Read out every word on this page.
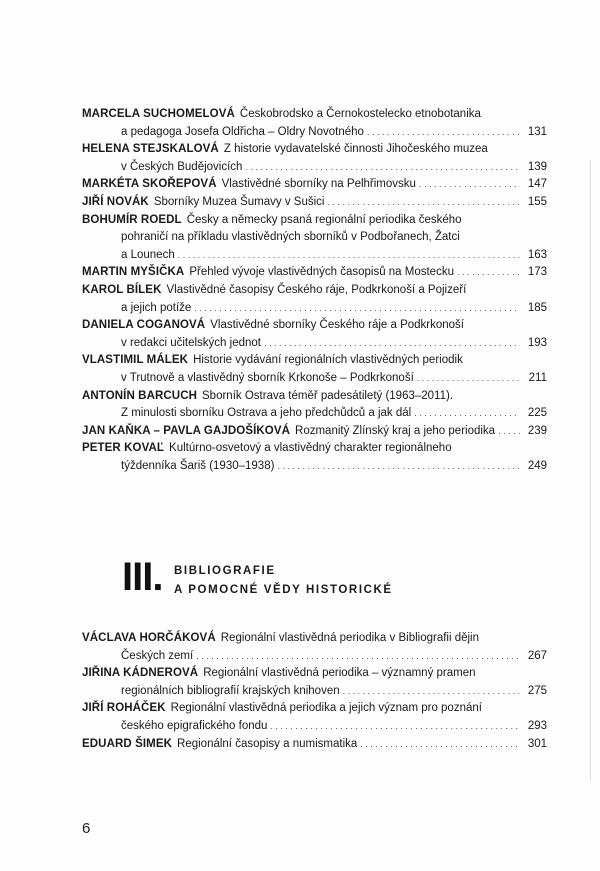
MARCELA SUCHOMELOVÁ Českobrodsko a Černokostelecko etnobotanika
a pedagoga Josefa Oldřicha – Oldry Novotného . . .	131
HELENA STEJSKALOVÁ Z historie vydavatelské činnosti Jihočeského muzea
v Českých Budějovicích . . .	139
MARKÉTA SKOŘEPOVÁ Vlastivědné sborníky na Pelhřimovsku . . .	147
JIŘÍ NOVÁK Sborníky Muzea Šumavy v Sušici . . .	155
BOHUMÍR ROEDL Česky a německy psaná regionální periodika českého
pohraničí na příkladu vlastivědných sborníků v Podbořanech, Žatci
a Lounech . . .	163
MARTIN MYŠIČKA Přehled vývoje vlastivědných časopisů na Mostecku . . .	173
KAROL BÍLEK Vlastivědné časopisy Českého ráje, Podkrkonoší a Pojizeří
a jejich potíže . . .	185
DANIELA COGANOVÁ Vlastivědné sborníky Českého ráje a Podkrkonoší
v redakci učitelských jednot . . .	193
VLASTIMIL MÁLEK Historie vydávání regionálních vlastivědných periodik
v Trutnově a vlastivědný sborník Krkonoše – Podkrkonoší . . .	211
ANTONÍN BARCUCH Sborník Ostrava téměř padesátiletý (1963–2011).
Z minulosti sborníku Ostrava a jeho předchůdců a jak dál . . .	225
JAN KAŇKA – PAVLA GAJDOŠÍKOVÁ Rozmanitý Zlínský kraj a jeho periodika . . .	239
PETER KOVAĽ Kultúrno-osvetový a vlastivědný charakter regionálneho
týždenníka Šariš (1930–1938) . . .	249
III. BIBLIOGRAFIE
A POMOCNÉ VĚDY HISTORICKÉ
VÁCLAVA HORČÁKOVÁ Regionální vlastivědná periodika v Bibliografii dějin
Českých zemí . . .	267
JIŘINA KÁDNEROVÁ Regionální vlastivědná periodika – významný pramen
regionálních bibliografií krajských knihoven . . .	275
JIŘÍ ROHÁČEK Regionální vlastivědná periodika a jejich význam pro poznání
českého epigrafického fondu . . .	293
EDUARD ŠIMEK Regionální časopisy a numismatika . . .	301
6
